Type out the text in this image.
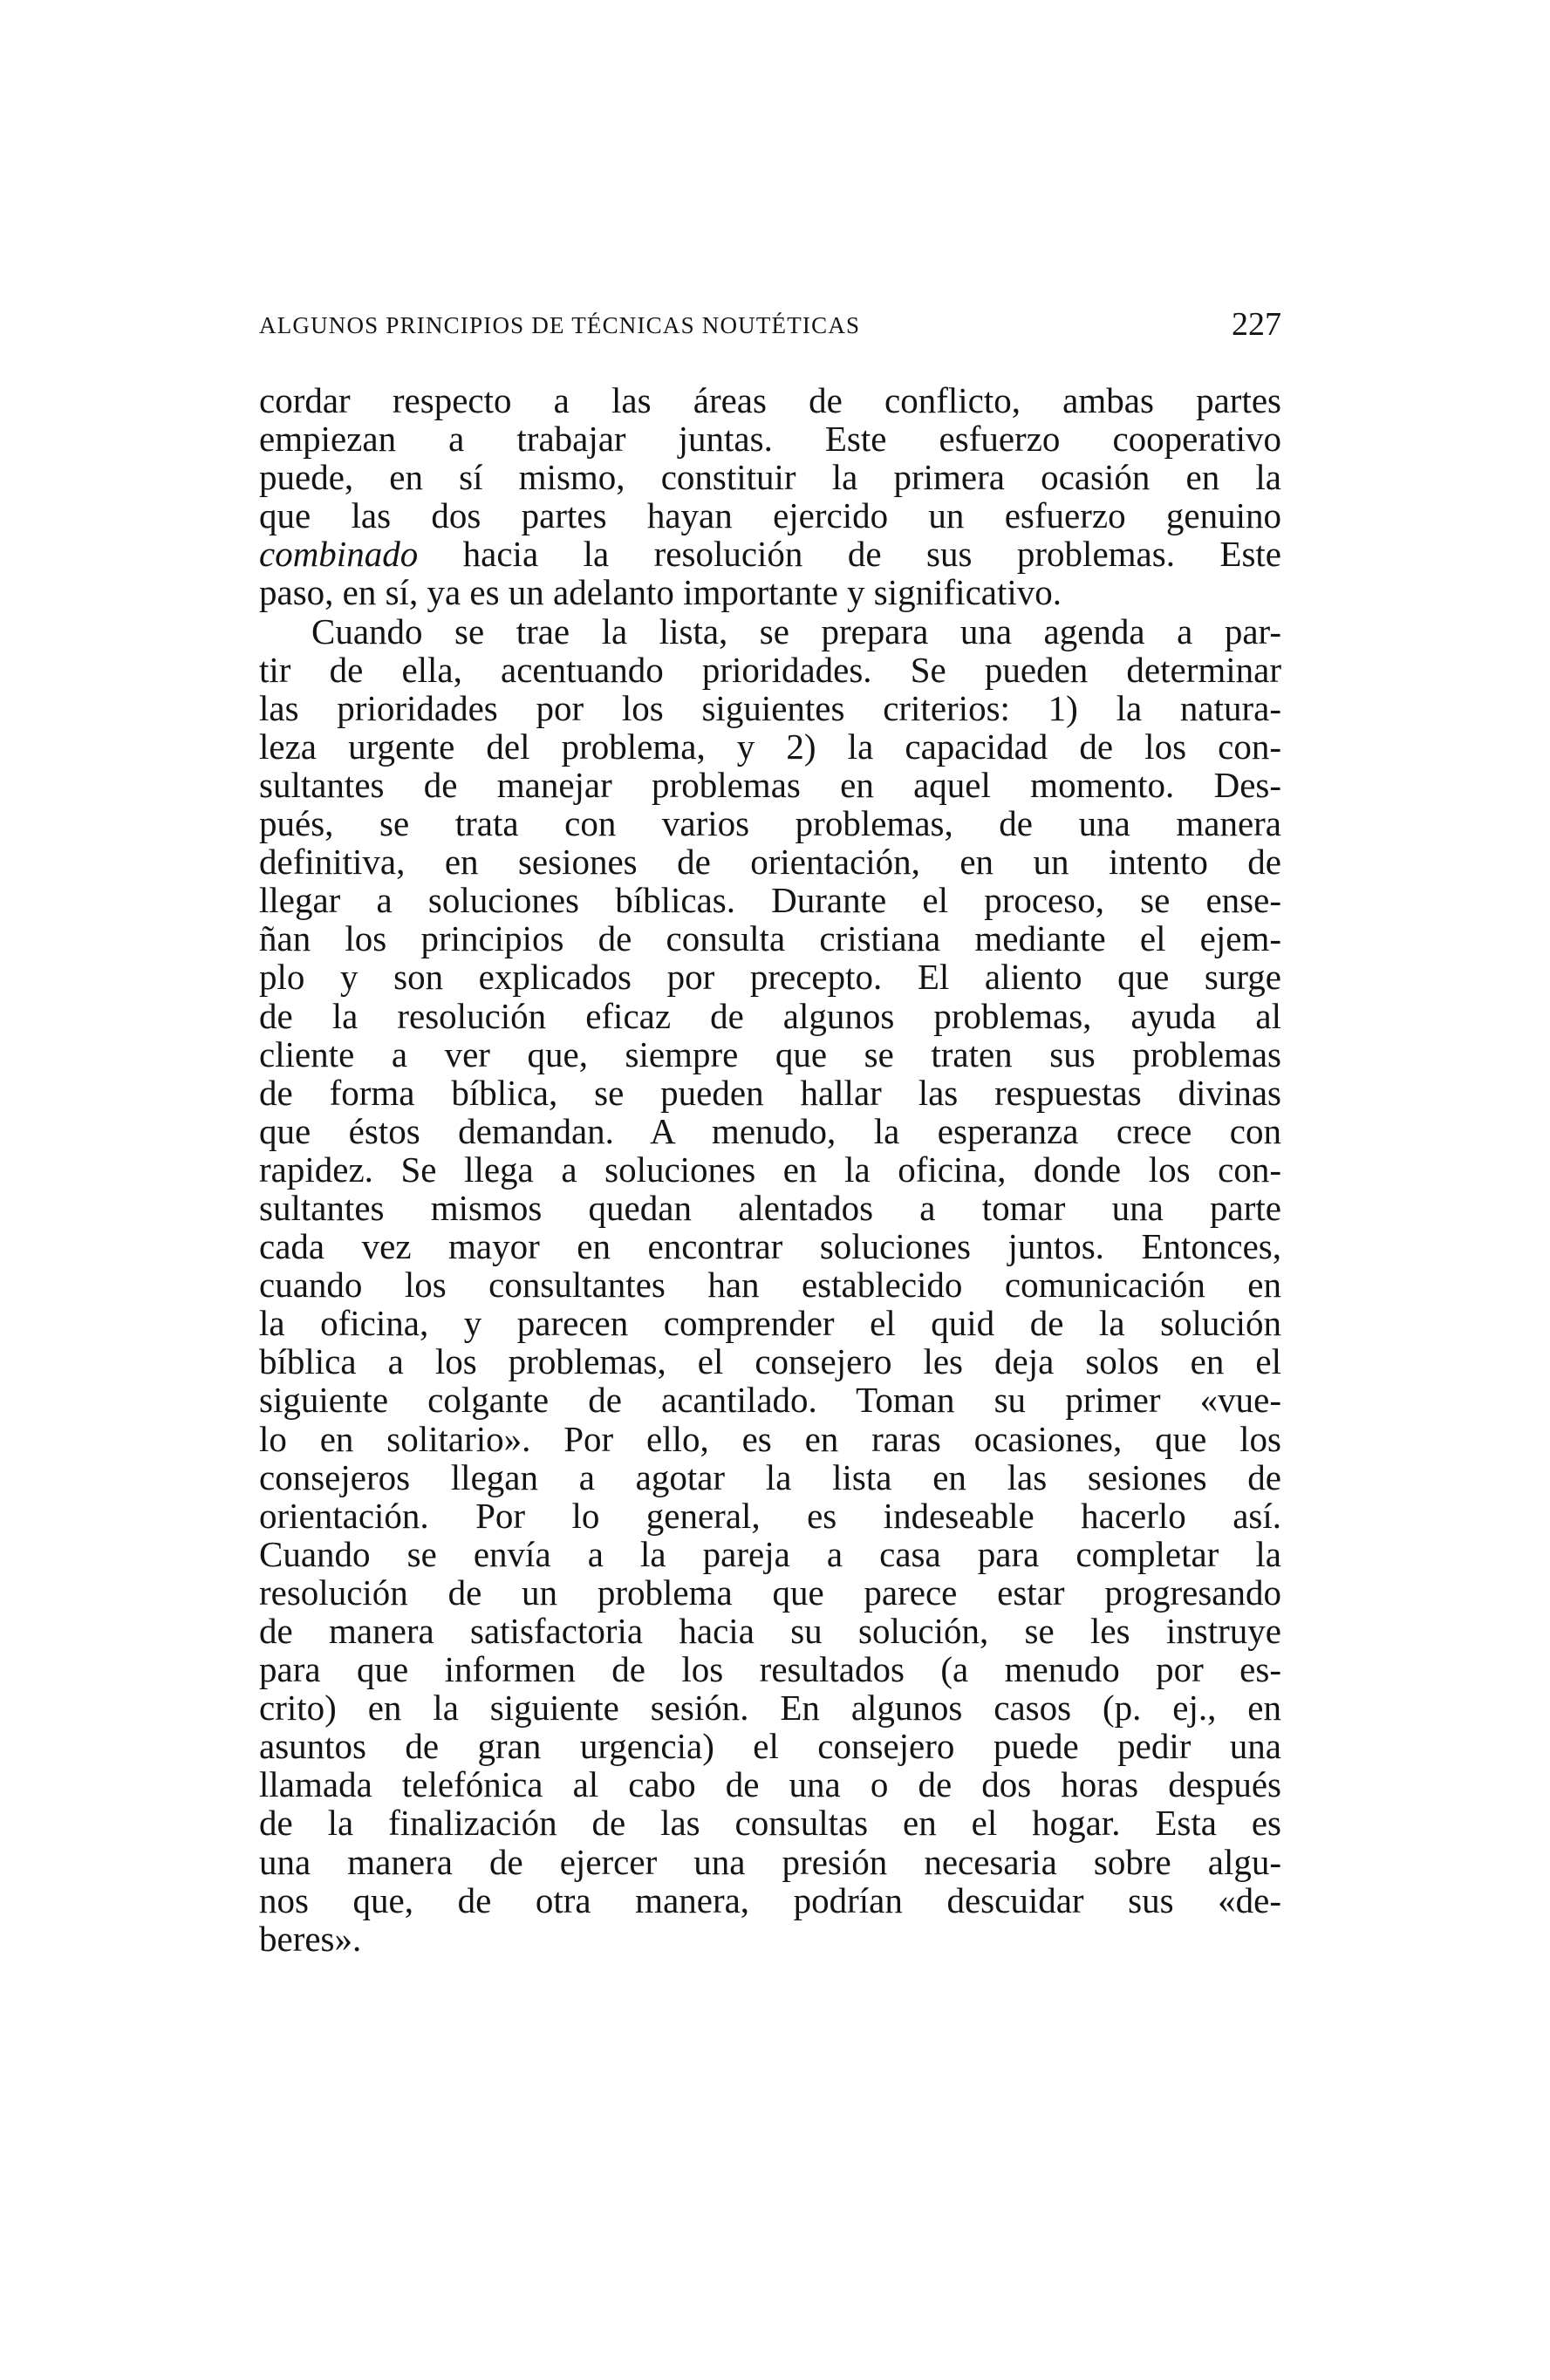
ALGUNOS PRINCIPIOS DE TÉCNICAS NOUTÉTICAS	227
cordar respecto a las áreas de conflicto, ambas partes
empiezan a trabajar juntas. Este esfuerzo cooperativo
puede, en sí mismo, constituir la primera ocasión en la
que las dos partes hayan ejercido un esfuerzo genuino
combinado hacia la resolución de sus problemas. Este
paso, en sí, ya es un adelanto importante y significativo.
Cuando se trae la lista, se prepara una agenda a par-
tir de ella, acentuando prioridades. Se pueden determinar
las prioridades por los siguientes criterios: 1) la natura-
leza urgente del problema, y 2) la capacidad de los con-
sultantes de manejar problemas en aquel momento. Des-
pués, se trata con varios problemas, de una manera
definitiva, en sesiones de orientación, en un intento de
llegar a soluciones bíblicas. Durante el proceso, se ense-
ñan los principios de consulta cristiana mediante el ejem-
plo y son explicados por precepto. El aliento que surge
de la resolución eficaz de algunos problemas, ayuda al
cliente a ver que, siempre que se traten sus problemas
de forma bíblica, se pueden hallar las respuestas divinas
que éstos demandan. A menudo, la esperanza crece con
rapidez. Se llega a soluciones en la oficina, donde los con-
sultantes mismos quedan alentados a tomar una parte
cada vez mayor en encontrar soluciones juntos. Entonces,
cuando los consultantes han establecido comunicación en
la oficina, y parecen comprender el quid de la solución
bíblica a los problemas, el consejero les deja solos en el
siguiente colgante de acantilado. Toman su primer «vue-
lo en solitario». Por ello, es en raras ocasiones, que los
consejeros llegan a agotar la lista en las sesiones de
orientación. Por lo general, es indeseable hacerlo así.
Cuando se envía a la pareja a casa para completar la
resolución de un problema que parece estar progresando
de manera satisfactoria hacia su solución, se les instruye
para que informen de los resultados (a menudo por es-
crito) en la siguiente sesión. En algunos casos (p. ej., en
asuntos de gran urgencia) el consejero puede pedir una
llamada telefónica al cabo de una o de dos horas después
de la finalización de las consultas en el hogar. Esta es
una manera de ejercer una presión necesaria sobre algu-
nos que, de otra manera, podrían descuidar sus «de-
beres».
